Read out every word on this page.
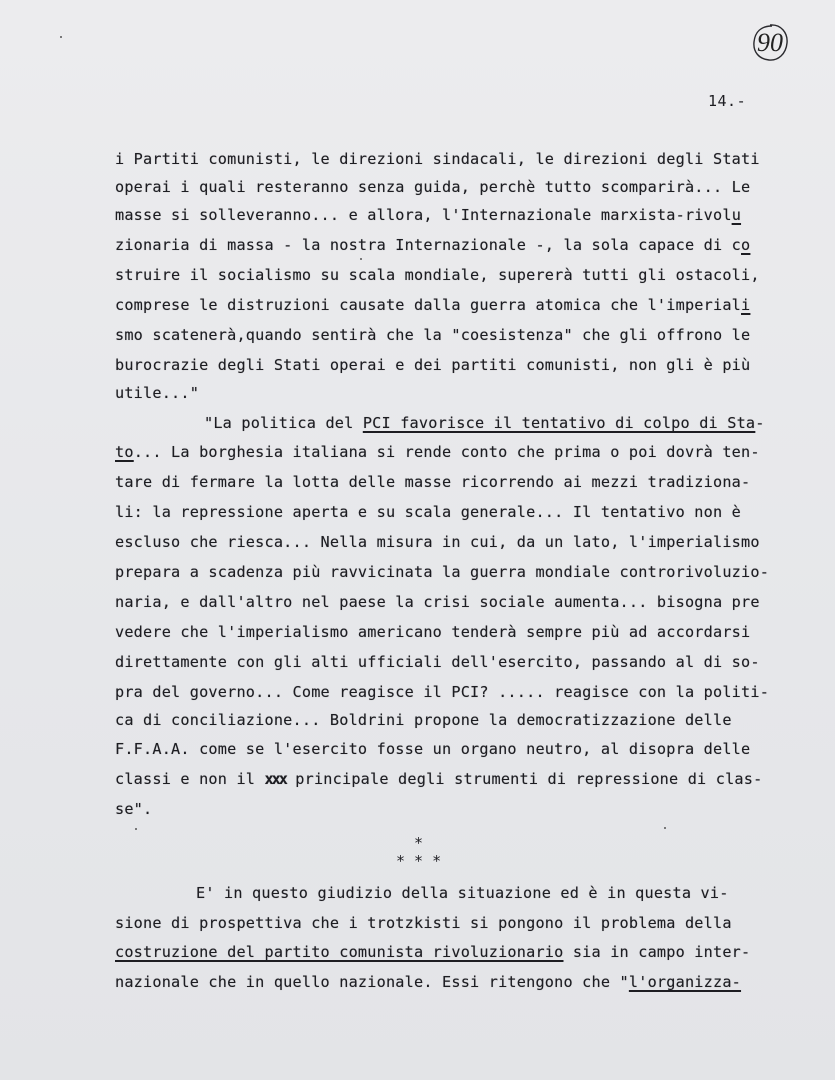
90
14.-
i Partiti comunisti, le direzioni sindacali, le direzioni degli Stati
operai i quali resteranno senza guida, perchè tutto scomparirà... Le
masse si solleveranno... e allora, l'Internazionale marxista-rivolu
zionaria di massa - la nostra Internazionale -, la sola capace di co
struire il socialismo su scala mondiale, supererà tutti gli ostacoli,
comprese le distruzioni causate dalla guerra atomica che l'imperiali
smo scatenerà,quando sentirà che la "coesistenza" che gli offrono le
burocrazie degli Stati operai e dei partiti comunisti, non gli è più
utile..."
"La politica del PCI favorisce il tentativo di colpo di Sta-
to... La borghesia italiana si rende conto che prima o poi dovrà ten-
tare di fermare la lotta delle masse ricorrendo ai mezzi tradiziona-
li: la repressione aperta e su scala generale... Il tentativo non è
escluso che riesca... Nella misura in cui, da un lato, l'imperialismo
prepara a scadenza più ravvicinata la guerra mondiale controrivoluzio-
naria, e dall'altro nel paese la crisi sociale aumenta... bisogna pre
vedere che l'imperialismo americano tenderà sempre più ad accordarsi
direttamente con gli alti ufficiali dell'esercito, passando al di so-
pra del governo... Come reagisce il PCI? ..... reagisce con la politi-
ca di conciliazione... Boldrini propone la democratizzazione delle
F.F.A.A. come se l'esercito fosse un organo neutro, al disopra delle
classi e non il xxx principale degli strumenti di repressione di clas-
se".
*
* * *
E' in questo giudizio della situazione ed è in questa vi-
sione di prospettiva che i trotzkisti si pongono il problema della
costruzione del partito comunista rivoluzionario sia in campo inter-
nazionale che in quello nazionale. Essi ritengono che "l'organizza-
